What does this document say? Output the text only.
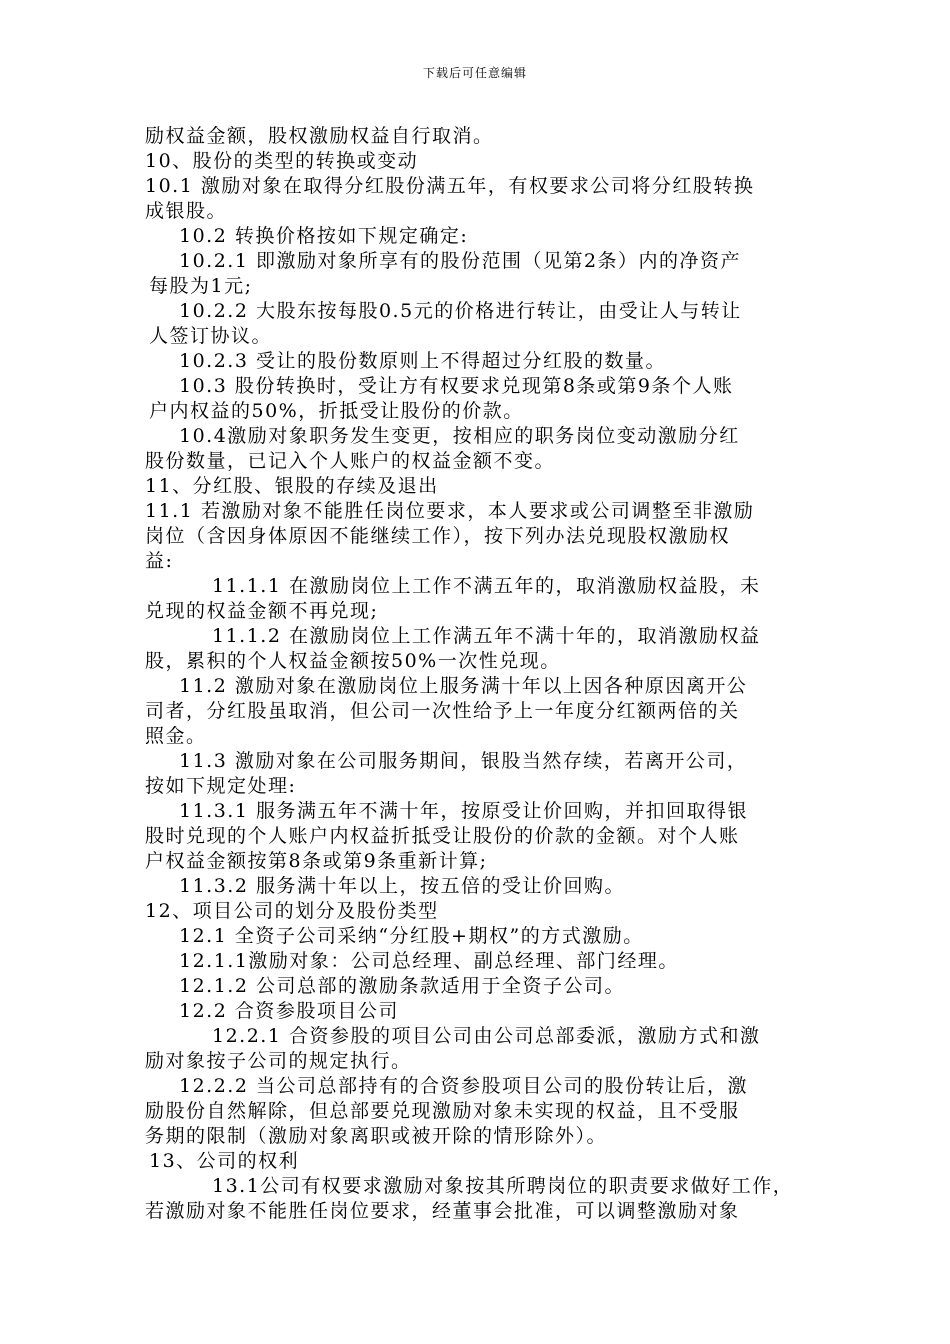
下载后可任意编辑
励权益金额，股权激励权益自行取消。
10、股份的类型的转换或变动
10.1 激励对象在取得分红股份满五年，有权要求公司将分红股转换
成银股。
10.2 转换价格按如下规定确定:
10.2.1 即激励对象所享有的股份范围（见第2条）内的净资产
每股为1元;
10.2.2 大股东按每股0.5元的价格进行转让，由受让人与转让
人签订协议。
10.2.3 受让的股份数原则上不得超过分红股的数量。
10.3 股份转换时，受让方有权要求兑现第8条或第9条个人账
户内权益的50%，折抵受让股份的价款。
10.4激励对象职务发生变更，按相应的职务岗位变动激励分红
股份数量，已记入个人账户的权益金额不变。
11、分红股、银股的存续及退出
11.1 若激励对象不能胜任岗位要求，本人要求或公司调整至非激励
岗位（含因身体原因不能继续工作），按下列办法兑现股权激励权
益:
11.1.1 在激励岗位上工作不满五年的，取消激励权益股，未
兑现的权益金额不再兑现;
11.1.2 在激励岗位上工作满五年不满十年的，取消激励权益
股，累积的个人权益金额按50%一次性兑现。
11.2 激励对象在激励岗位上服务满十年以上因各种原因离开公
司者，分红股虽取消，但公司一次性给予上一年度分红额两倍的关
照金。
11.3 激励对象在公司服务期间，银股当然存续，若离开公司，
按如下规定处理:
11.3.1 服务满五年不满十年，按原受让价回购，并扣回取得银
股时兑现的个人账户内权益折抵受让股份的价款的金额。对个人账
户权益金额按第8条或第9条重新计算;
11.3.2 服务满十年以上，按五倍的受让价回购。
12、项目公司的划分及股份类型
12.1 全资子公司采纳“分红股+期权”的方式激励。
12.1.1激励对象：公司总经理、副总经理、部门经理。
12.1.2 公司总部的激励条款适用于全资子公司。
12.2 合资参股项目公司
12.2.1 合资参股的项目公司由公司总部委派，激励方式和激
励对象按子公司的规定执行。
12.2.2 当公司总部持有的合资参股项目公司的股份转让后，激
励股份自然解除，但总部要兑现激励对象未实现的权益，且不受服
务期的限制（激励对象离职或被开除的情形除外）。
13、公司的权利
13.1公司有权要求激励对象按其所聘岗位的职责要求做好工作，
若激励对象不能胜任岗位要求，经董事会批准，可以调整激励对象
